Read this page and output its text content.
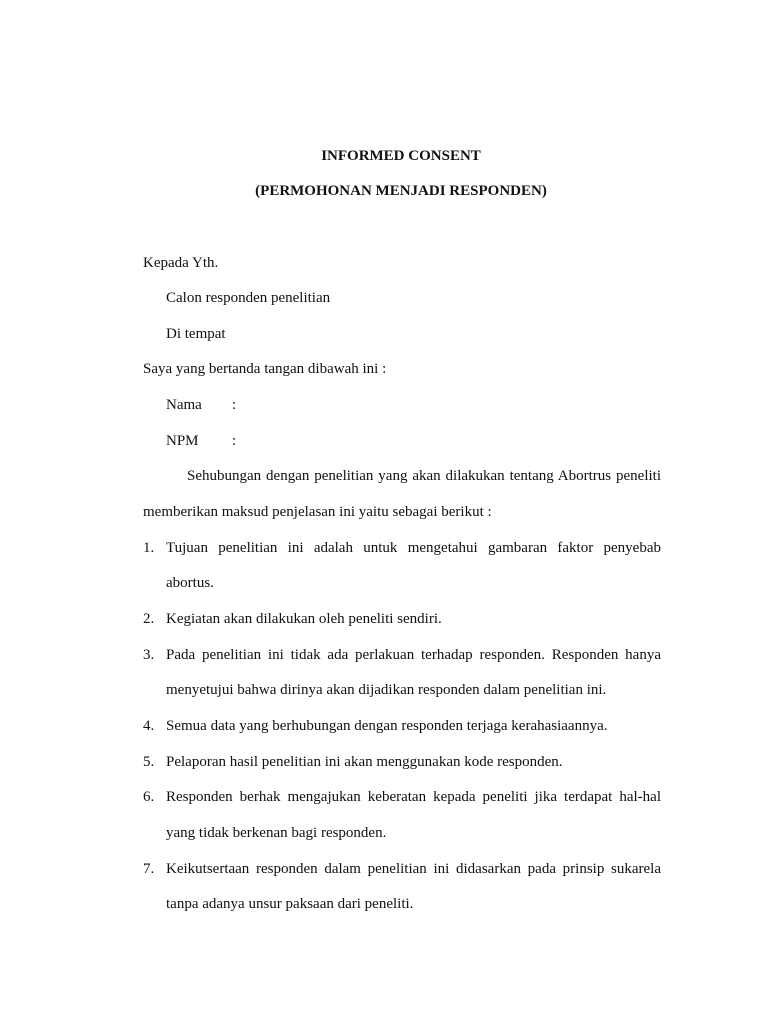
INFORMED CONSENT
(PERMOHONAN MENJADI RESPONDEN)
Kepada Yth.
Calon responden penelitian
Di tempat
Saya yang bertanda tangan dibawah ini :
Nama :
NPM :
Sehubungan dengan penelitian yang akan dilakukan tentang Abortrus peneliti
memberikan maksud penjelasan ini yaitu sebagai berikut :
1. Tujuan penelitian ini adalah untuk mengetahui gambaran faktor penyebab
abortus.
2. Kegiatan akan dilakukan oleh peneliti sendiri.
3. Pada penelitian ini tidak ada perlakuan terhadap responden. Responden hanya
menyetujui bahwa dirinya akan dijadikan responden dalam penelitian ini.
4. Semua data yang berhubungan dengan responden terjaga kerahasiaannya.
5. Pelaporan hasil penelitian ini akan menggunakan kode responden.
6. Responden berhak mengajukan keberatan kepada peneliti jika terdapat hal-hal
yang tidak berkenan bagi responden.
7. Keikutsertaan responden dalam penelitian ini didasarkan pada prinsip sukarela
tanpa adanya unsur paksaan dari peneliti.
